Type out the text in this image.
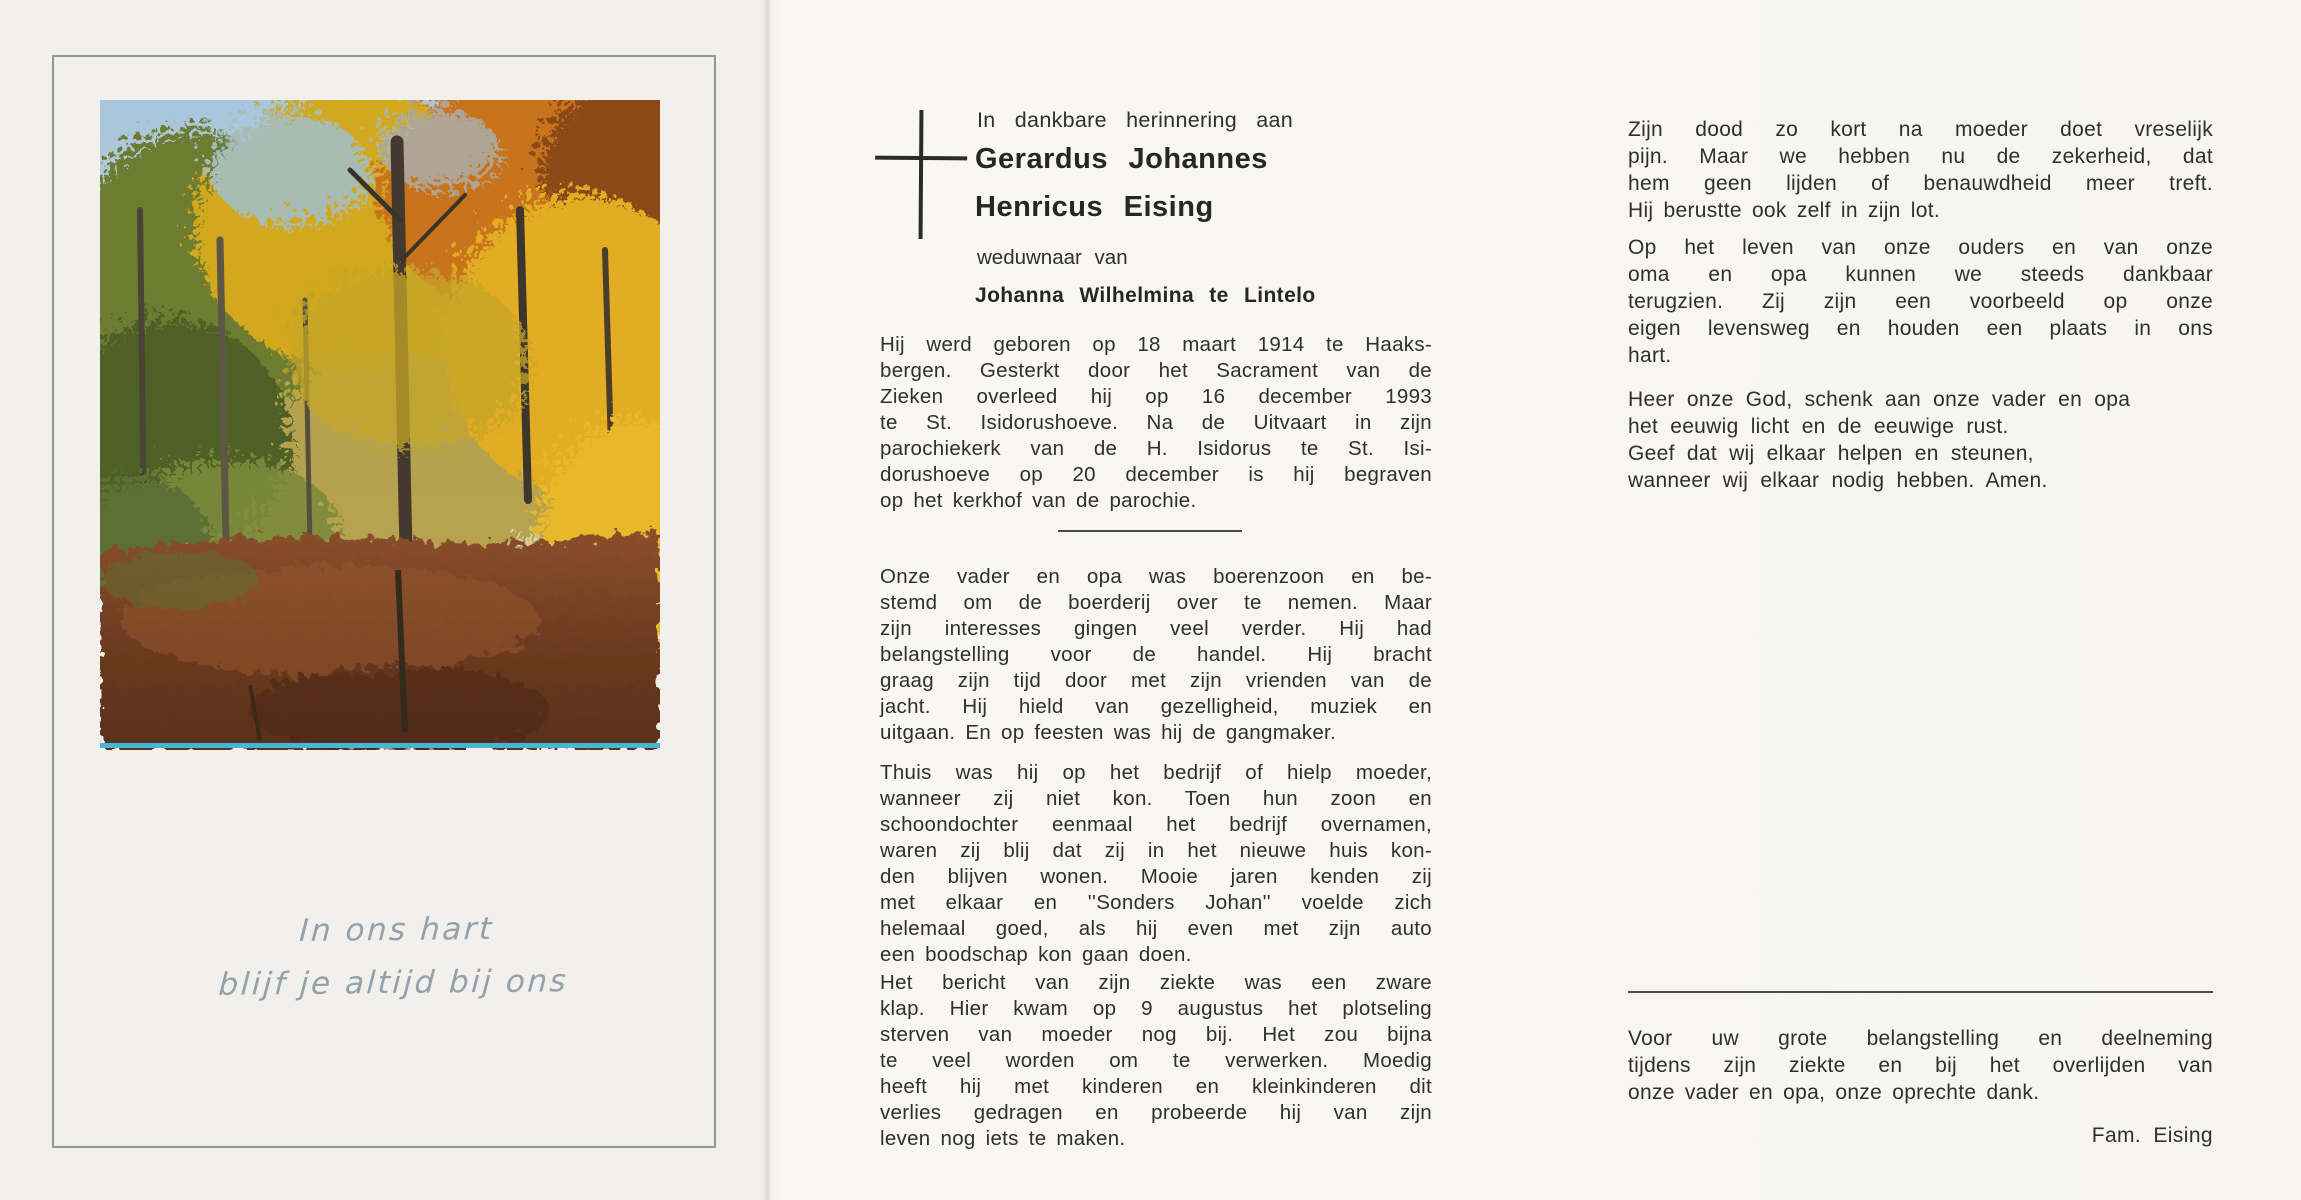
In ons hart
blijf je altijd bij ons
In dankbare herinnering aan
Gerardus Johannes
Henricus Eising
weduwnaar van
Johanna Wilhelmina te Lintelo
Hij werd geboren op 18 maart 1914 te Haaks-
bergen. Gesterkt door het Sacrament van de
Zieken overleed hij op 16 december 1993
te St. Isidorushoeve. Na de Uitvaart in zijn
parochiekerk van de H. Isidorus te St. Isi-
dorushoeve op 20 december is hij begraven
op het kerkhof van de parochie.
Onze vader en opa was boerenzoon en be-
stemd om de boerderij over te nemen. Maar
zijn interesses gingen veel verder. Hij had
belangstelling voor de handel. Hij bracht
graag zijn tijd door met zijn vrienden van de
jacht. Hij hield van gezelligheid, muziek en
uitgaan. En op feesten was hij de gangmaker.
Thuis was hij op het bedrijf of hielp moeder,
wanneer zij niet kon. Toen hun zoon en
schoondochter eenmaal het bedrijf overnamen,
waren zij blij dat zij in het nieuwe huis kon-
den blijven wonen. Mooie jaren kenden zij
met elkaar en ''Sonders Johan'' voelde zich
helemaal goed, als hij even met zijn auto
een boodschap kon gaan doen.
Het bericht van zijn ziekte was een zware
klap. Hier kwam op 9 augustus het plotseling
sterven van moeder nog bij. Het zou bijna
te veel worden om te verwerken. Moedig
heeft hij met kinderen en kleinkinderen dit
verlies gedragen en probeerde hij van zijn
leven nog iets te maken.
Zijn dood zo kort na moeder doet vreselijk
pijn. Maar we hebben nu de zekerheid, dat
hem geen lijden of benauwdheid meer treft.
Hij berustte ook zelf in zijn lot.
Op het leven van onze ouders en van onze
oma en opa kunnen we steeds dankbaar
terugzien. Zij zijn een voorbeeld op onze
eigen levensweg en houden een plaats in ons
hart.
Heer onze God, schenk aan onze vader en opa
het eeuwig licht en de eeuwige rust.
Geef dat wij elkaar helpen en steunen,
wanneer wij elkaar nodig hebben. Amen.
Voor uw grote belangstelling en deelneming
tijdens zijn ziekte en bij het overlijden van
onze vader en opa, onze oprechte dank.
Fam. Eising
